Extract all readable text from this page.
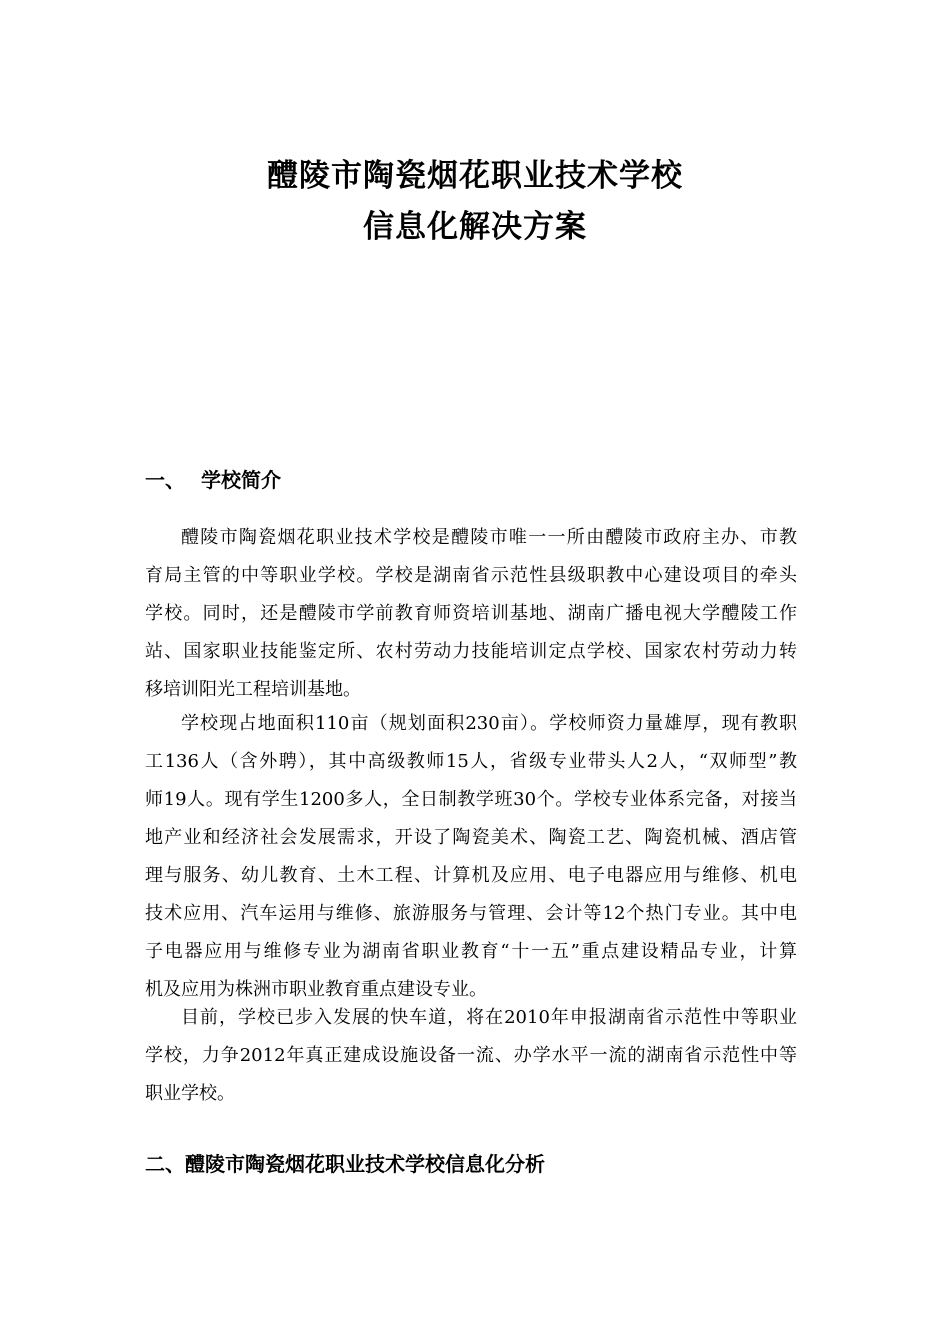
醴陵市陶瓷烟花职业技术学校
信息化解决方案
一、 学校简介
醴陵市陶瓷烟花职业技术学校是醴陵市唯一一所由醴陵市政府主办、市教
育局主管的中等职业学校。学校是湖南省示范性县级职教中心建设项目的牵头
学校。同时，还是醴陵市学前教育师资培训基地、湖南广播电视大学醴陵工作
站、国家职业技能鉴定所、农村劳动力技能培训定点学校、国家农村劳动力转
移培训阳光工程培训基地。
学校现占地面积110亩（规划面积230亩）。学校师资力量雄厚，现有教职
工136人（含外聘），其中高级教师15人，省级专业带头人2人，“双师型”教
师19人。现有学生1200多人，全日制教学班30个。学校专业体系完备，对接当
地产业和经济社会发展需求，开设了陶瓷美术、陶瓷工艺、陶瓷机械、酒店管
理与服务、幼儿教育、土木工程、计算机及应用、电子电器应用与维修、机电
技术应用、汽车运用与维修、旅游服务与管理、会计等12个热门专业。其中电
子电器应用与维修专业为湖南省职业教育“十一五”重点建设精品专业，计算
机及应用为株洲市职业教育重点建设专业。
目前，学校已步入发展的快车道，将在2010年申报湖南省示范性中等职业
学校，力争2012年真正建成设施设备一流、办学水平一流的湖南省示范性中等
职业学校。
二、醴陵市陶瓷烟花职业技术学校信息化分析
